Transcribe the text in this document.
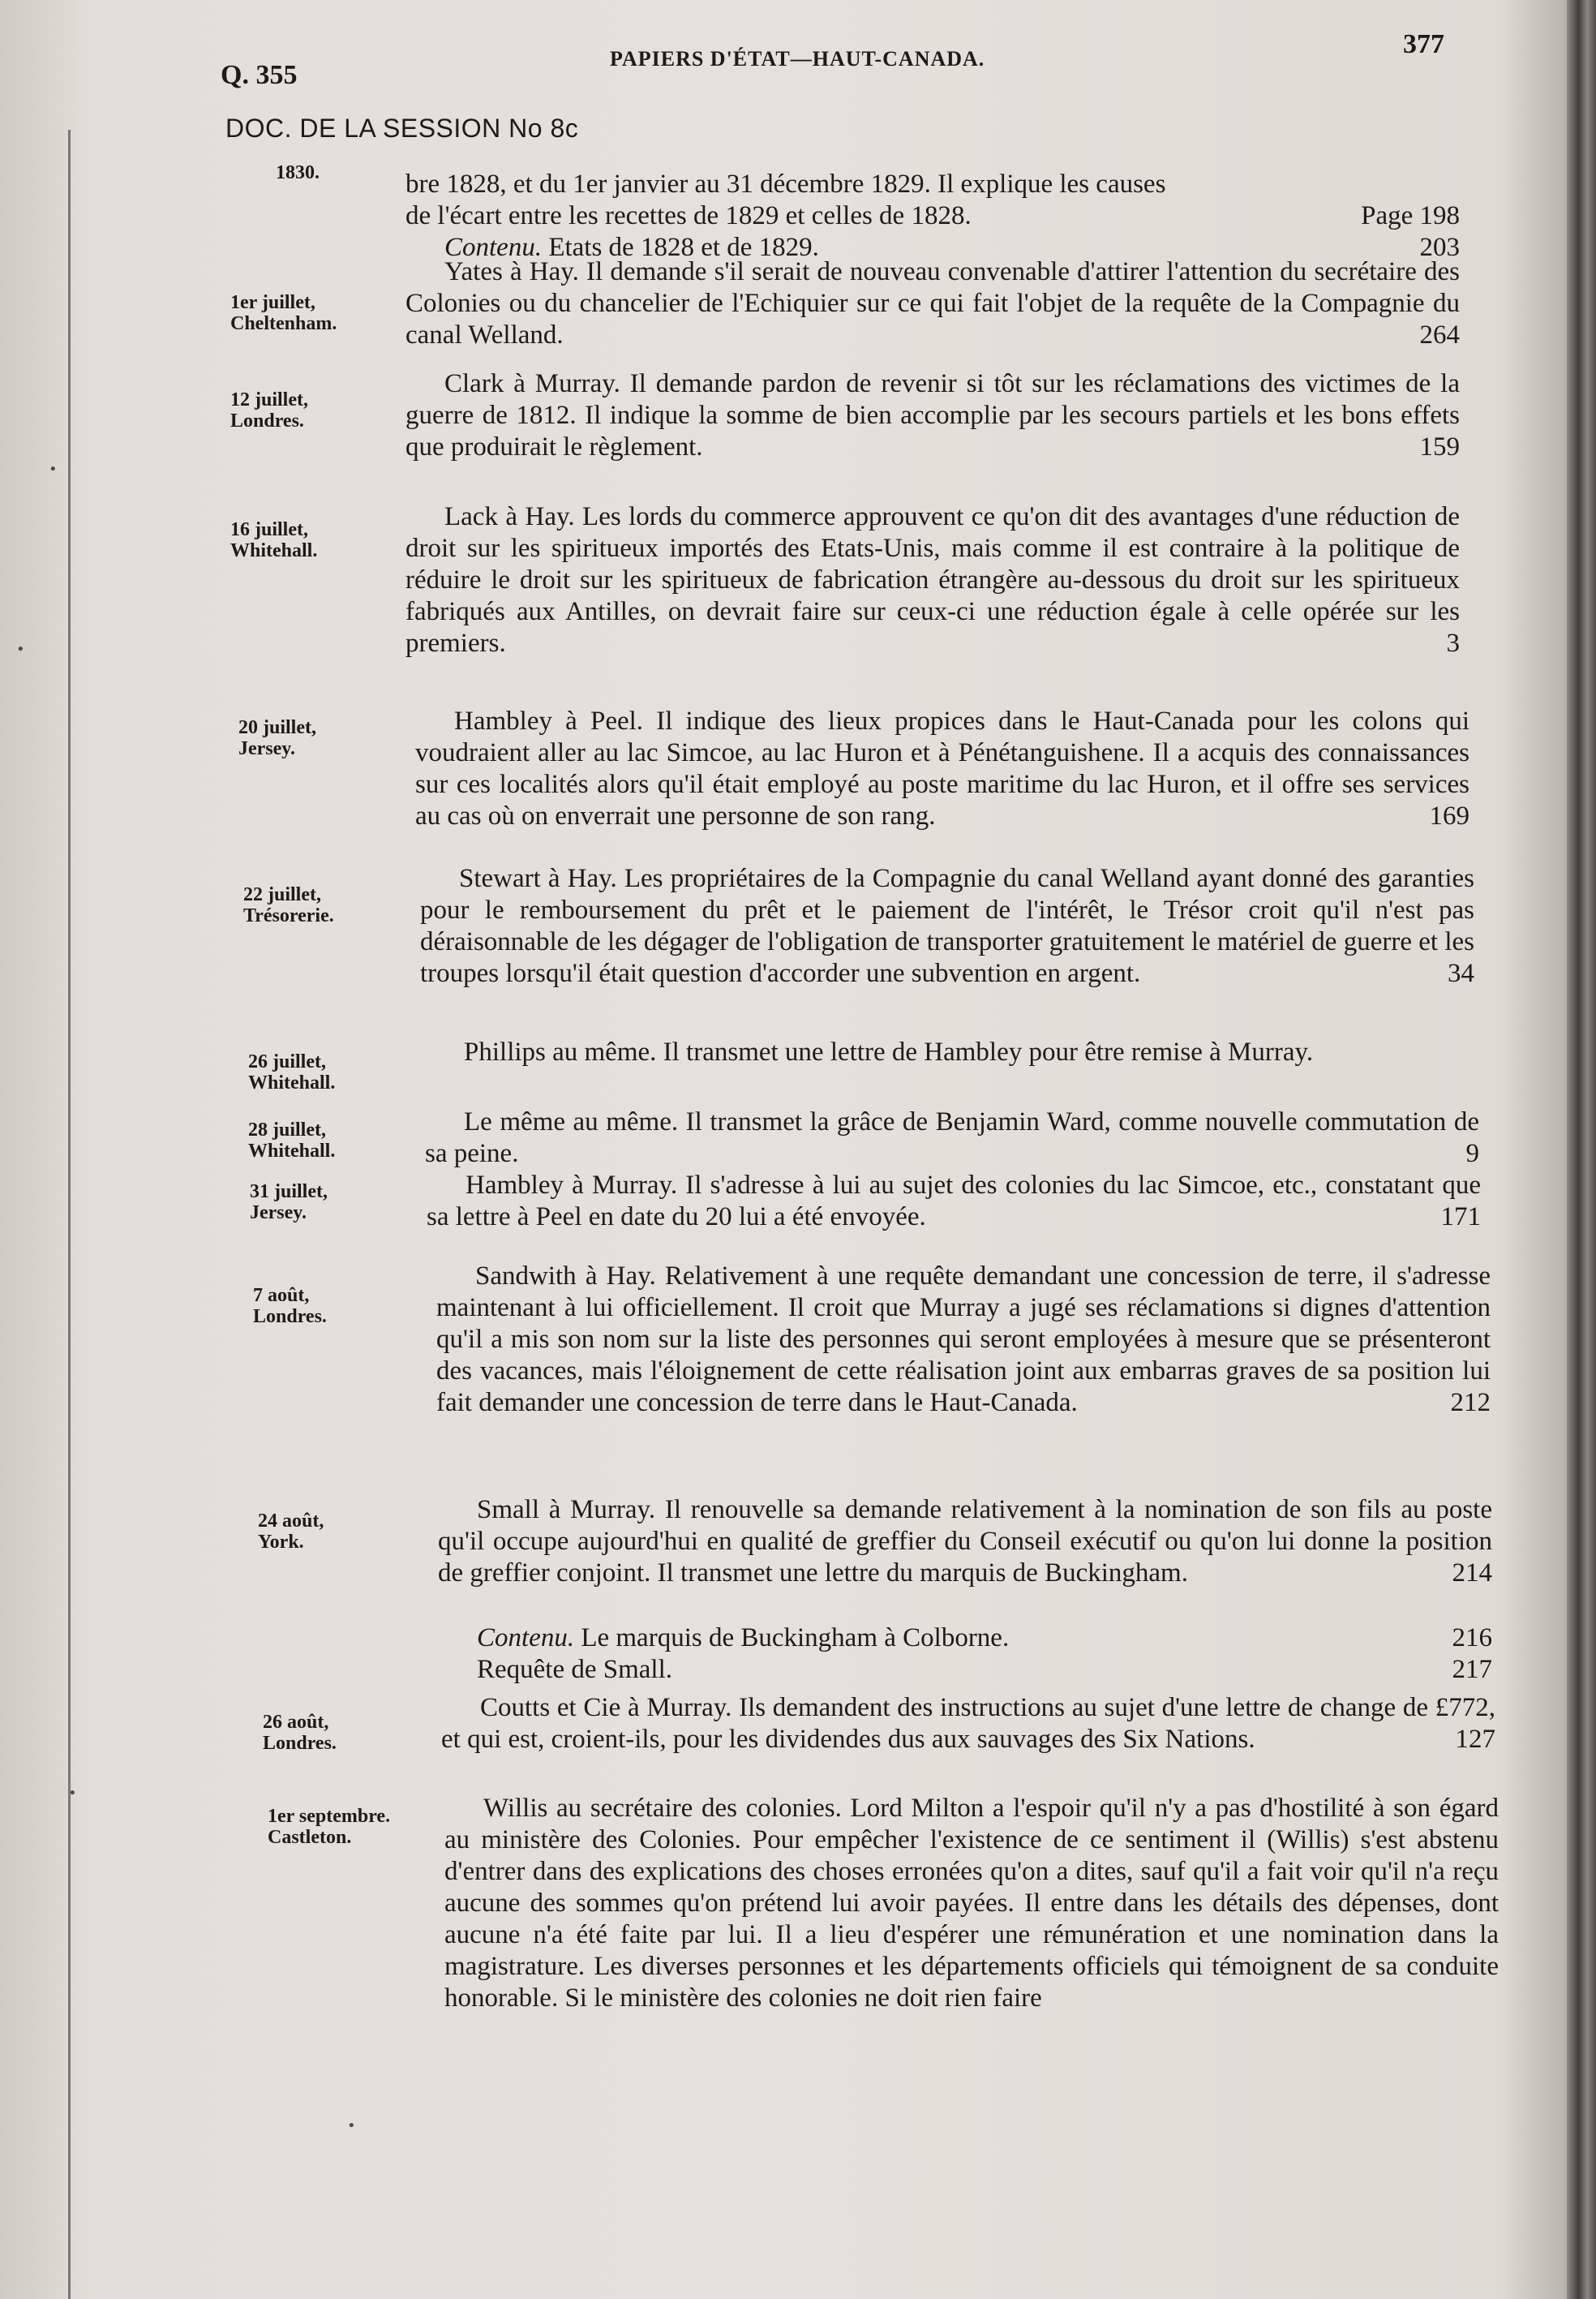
Q. 355
PAPIERS D'ÉTAT—HAUT-CANADA.	377
DOC. DE LA SESSION No 8c
1830.	bre 1828, et du 1er janvier au 31 décembre 1829. Il explique les causes
de l'écart entre les recettes de 1829 et celles de 1828.	Page 198
Contenu. Etats de 1828 et de 1829.	203
1er juillet,
Cheltenham.
Yates à Hay. Il demande s'il serait de nouveau convenable d'attirer l'attention du secrétaire des Colonies ou du chancelier de l'Echiquier sur ce qui fait l'objet de la requête de la Compagnie du canal Welland.	264
12 juillet,
Londres.
Clark à Murray. Il demande pardon de revenir si tôt sur les réclamations des victimes de la guerre de 1812. Il indique la somme de bien accomplie par les secours partiels et les bons effets que produirait le règlement.	159
16 juillet,
Whitehall.
Lack à Hay. Les lords du commerce approuvent ce qu'on dit des avantages d'une réduction de droit sur les spiritueux importés des Etats-Unis, mais comme il est contraire à la politique de réduire le droit sur les spiritueux de fabrication étrangère au-dessous du droit sur les spiritueux fabriqués aux Antilles, on devrait faire sur ceux-ci une réduction égale à celle opérée sur les premiers.	3
20 juillet,
Jersey.
Hambley à Peel. Il indique des lieux propices dans le Haut-Canada pour les colons qui voudraient aller au lac Simcoe, au lac Huron et à Pénétanguishene. Il a acquis des connaissances sur ces localités alors qu'il était employé au poste maritime du lac Huron, et il offre ses services au cas où on enverrait une personne de son rang.	169
22 juillet,
Trésorerie.
Stewart à Hay. Les propriétaires de la Compagnie du canal Welland ayant donné des garanties pour le remboursement du prêt et le paiement de l'intérêt, le Trésor croit qu'il n'est pas déraisonnable de les dégager de l'obligation de transporter gratuitement le matériel de guerre et les troupes lorsqu'il était question d'accorder une subvention en argent.	34
26 juillet,
Whitehall.
Phillips au même. Il transmet une lettre de Hambley pour être remise à Murray.
28 juillet,
Whitehall.
Le même au même. Il transmet la grâce de Benjamin Ward, comme nouvelle commutation de sa peine.	9
31 juillet,
Jersey.
Hambley à Murray. Il s'adresse à lui au sujet des colonies du lac Simcoe, etc., constatant que sa lettre à Peel en date du 20 lui a été envoyée.	171
7 août,
Londres.
Sandwith à Hay. Relativement à une requête demandant une concession de terre, il s'adresse maintenant à lui officiellement. Il croit que Murray a jugé ses réclamations si dignes d'attention qu'il a mis son nom sur la liste des personnes qui seront employées à mesure que se présenteront des vacances, mais l'éloignement de cette réalisation joint aux embarras graves de sa position lui fait demander une concession de terre dans le Haut-Canada.	212
24 août,
York.
Small à Murray. Il renouvelle sa demande relativement à la nomination de son fils au poste qu'il occupe aujourd'hui en qualité de greffier du Conseil exécutif ou qu'on lui donne la position de greffier conjoint. Il transmet une lettre du marquis de Buckingham.	214
Contenu. Le marquis de Buckingham à Colborne.	216
Requête de Small.	217
26 août,
Londres.
Coutts et Cie à Murray. Ils demandent des instructions au sujet d'une lettre de change de £772, et qui est, croient-ils, pour les dividendes dus aux sauvages des Six Nations.	127
1er septembre.
Castleton.
Willis au secrétaire des colonies. Lord Milton a l'espoir qu'il n'y a pas d'hostilité à son égard au ministère des Colonies. Pour empêcher l'existence de ce sentiment il (Willis) s'est abstenu d'entrer dans des explications des choses erronées qu'on a dites, sauf qu'il a fait voir qu'il n'a reçu aucune des sommes qu'on prétend lui avoir payées. Il entre dans les détails des dépenses, dont aucune n'a été faite par lui. Il a lieu d'espérer une rémunération et une nomination dans la magistrature. Les diverses personnes et les départements officiels qui témoignent de sa conduite honorable. Si le ministère des colonies ne doit rien faire
•
•
•
•
